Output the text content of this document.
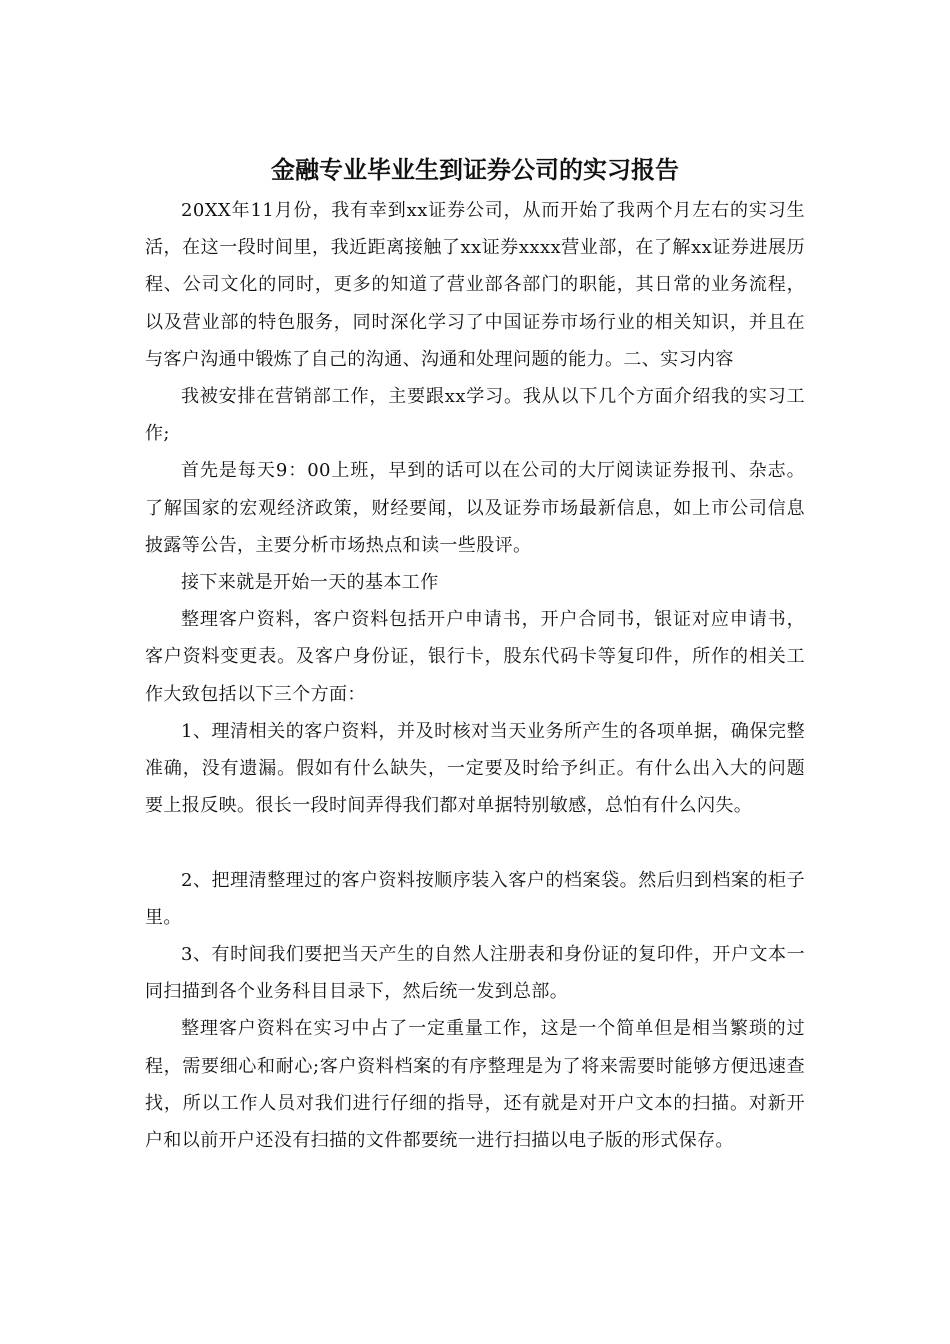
金融专业毕业生到证券公司的实习报告

20XX年11月份，我有幸到xx证券公司，从而开始了我两个月左右的实习生活，在这一段时间里，我近距离接触了xx证券xxxx营业部，在了解xx证券进展历程、公司文化的同时，更多的知道了营业部各部门的职能，其日常的业务流程，以及营业部的特色服务，同时深化学习了中国证券市场行业的相关知识，并且在与客户沟通中锻炼了自己的沟通、沟通和处理问题的能力。二、实习内容

我被安排在营销部工作，主要跟xx学习。我从以下几个方面介绍我的实习工作;

首先是每天9：00上班，早到的话可以在公司的大厅阅读证券报刊、杂志。了解国家的宏观经济政策，财经要闻，以及证券市场最新信息，如上市公司信息披露等公告，主要分析市场热点和读一些股评。

接下来就是开始一天的基本工作

整理客户资料，客户资料包括开户申请书，开户合同书，银证对应申请书，客户资料变更表。及客户身份证，银行卡，股东代码卡等复印件，所作的相关工作大致包括以下三个方面：

1、理清相关的客户资料，并及时核对当天业务所产生的各项单据，确保完整准确，没有遗漏。假如有什么缺失，一定要及时给予纠正。有什么出入大的问题要上报反映。很长一段时间弄得我们都对单据特别敏感，总怕有什么闪失。

2、把理清整理过的客户资料按顺序装入客户的档案袋。然后归到档案的柜子里。

3、有时间我们要把当天产生的自然人注册表和身份证的复印件，开户文本一同扫描到各个业务科目目录下，然后统一发到总部。

整理客户资料在实习中占了一定重量工作，这是一个简单但是相当繁琐的过程，需要细心和耐心;客户资料档案的有序整理是为了将来需要时能够方便迅速查找，所以工作人员对我们进行仔细的指导，还有就是对开户文本的扫描。对新开户和以前开户还没有扫描的文件都要统一进行扫描以电子版的形式保存。
